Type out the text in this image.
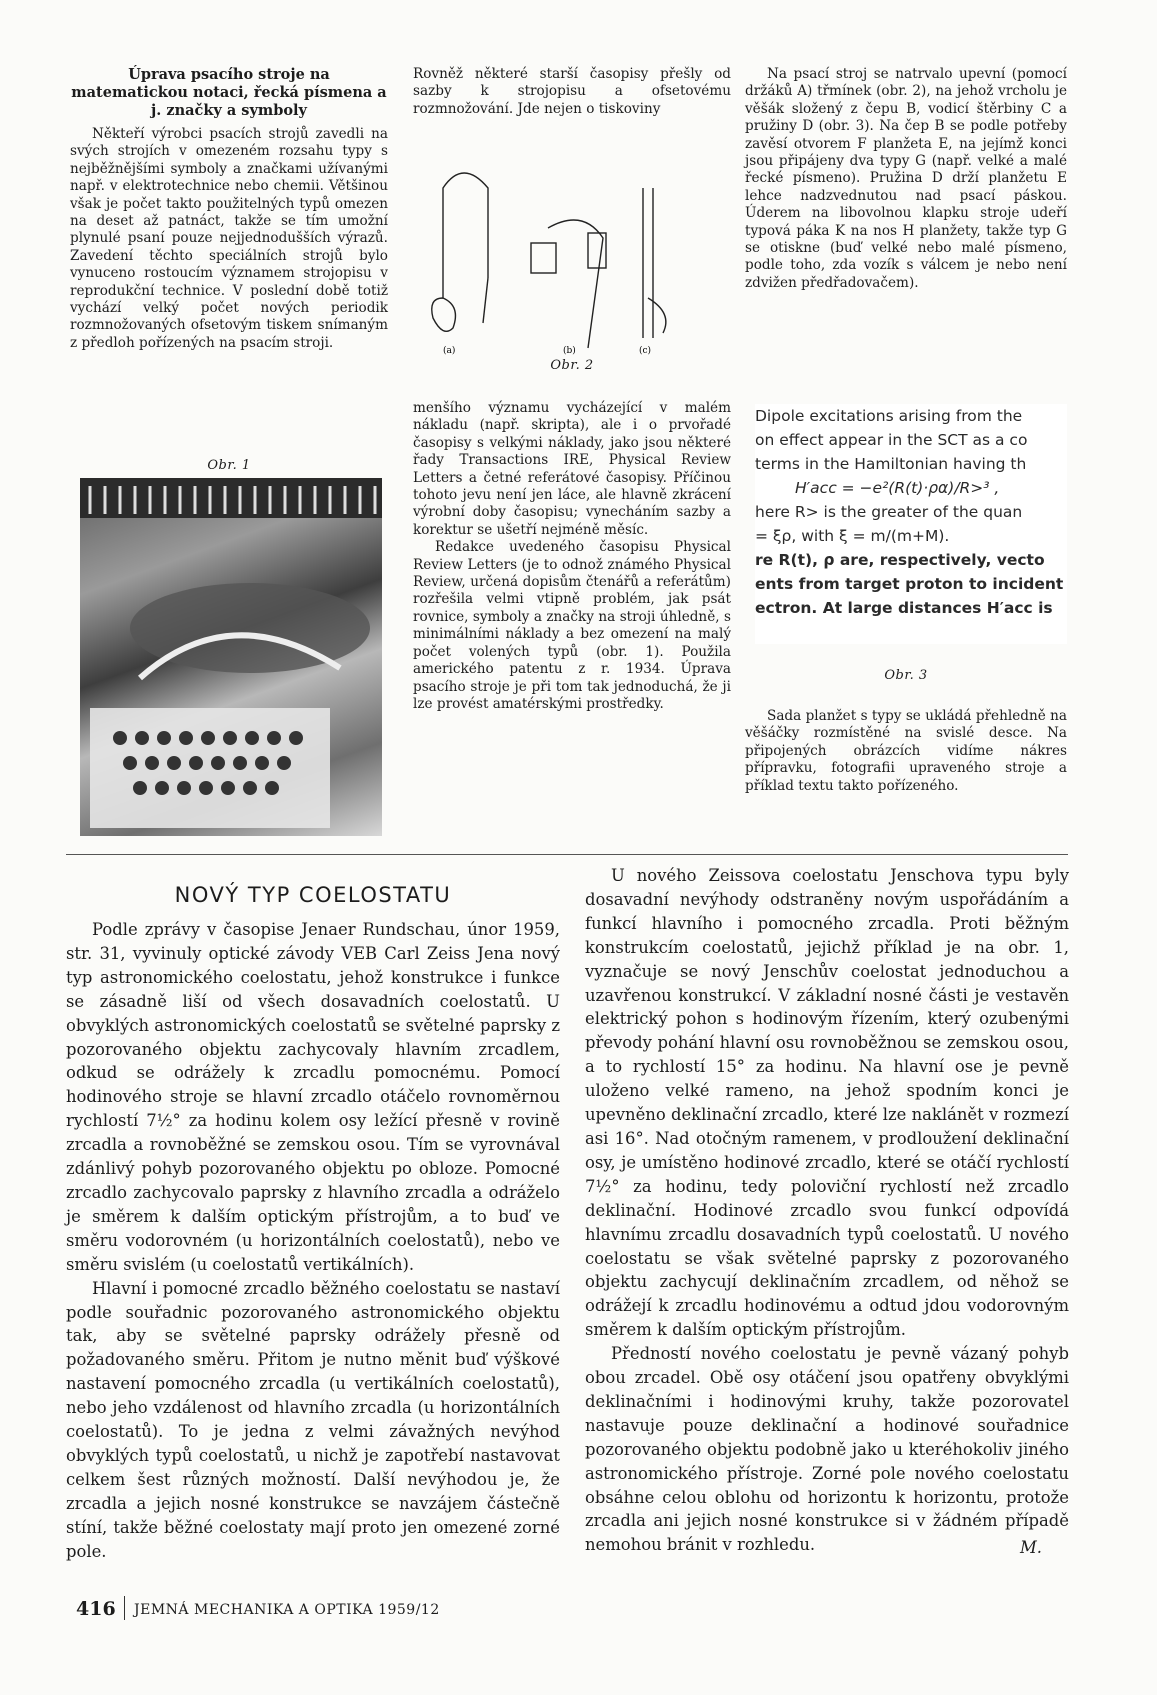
Úprava psacího stroje na matematickou notaci, řecká písmena a j. značky a symboly

Někteří výrobci psacích strojů zavedli na svých strojích v omezeném rozsahu typy s nejběžnějšími symboly a značkami užívanými např. v elektrotechnice nebo chemii. Většinou však je počet takto použitelných typů omezen na deset až patnáct, takže se tím umožní plynulé psaní pouze nejjednodušších výrazů. Zavedení těchto speciálních strojů bylo vynuceno rostoucím významem strojopisu v reprodukční technice. V poslední době totiž vychází velký počet nových periodik rozmnožovaných ofsetovým tiskem snímaným z předloh pořízených na psacím stroji.

Obr. 1

Rovněž některé starší časopisy přešly od sazby k strojopisu a ofsetovému rozmnožování. Jde nejen o tiskoviny

(a)	(b)	(c)
Obr. 2

menšího významu vycházející v malém nákladu (např. skripta), ale i o prvořadé časopisy s velkými náklady, jako jsou některé řady Transactions IRE, Physical Review Letters a četné referátové časopisy. Příčinou tohoto jevu není jen láce, ale hlavně zkrácení výrobní doby časopisu; vynecháním sazby a korektur se ušetří nejméně měsíc.

Redakce uvedeného časopisu Physical Review Letters (je to odnož známého Physical Review, určená dopisům čtenářů a referátům) rozřešila velmi vtipně problém, jak psát rovnice, symboly a značky na stroji úhledně, s minimálními náklady a bez omezení na malý počet volených typů (obr. 1). Použila amerického patentu z r. 1934. Úprava psacího stroje je při tom tak jednoduchá, že ji lze provést amatérskými prostředky.

Na psací stroj se natrvalo upevní (pomocí držáků A) třmínek (obr. 2), na jehož vrcholu je věšák složený z čepu B, vodicí štěrbiny C a pružiny D (obr. 3). Na čep B se podle potřeby zavěsí otvorem F planžeta E, na jejímž konci jsou připájeny dva typy G (např. velké a malé řecké písmeno). Pružina D drží planžetu E lehce nadzvednutou nad psací páskou. Úderem na libovolnou klapku stroje udeří typová páka K na nos H planžety, takže typ G se otiskne (buď velké nebo malé písmeno, podle toho, zda vozík s válcem je nebo není zdvižen předřadovačem).

Dipole excitations arising from the
on effect appear in the SCT as a co
terms in the Hamiltonian having th
H′acc = −e²(R(t)·ρα)/R>³ ,
here R> is the greater of the quan
= ξρ, with ξ = m/(m+M).
re R(t), ρ are, respectively, vecto
ents from target proton to incident
ectron. At large distances H′acc is
Obr. 3

Sada planžet s typy se ukládá přehledně na věšáčky rozmístěné na svislé desce. Na připojených obrázcích vidíme nákres přípravku, fotografii upraveného stroje a příklad textu takto pořízeného.

NOVÝ TYP COELOSTATU

Podle zprávy v časopise Jenaer Rundschau, únor 1959, str. 31, vyvinuly optické závody VEB Carl Zeiss Jena nový typ astronomického coelostatu, jehož konstrukce i funkce se zásadně liší od všech dosavadních coelostatů. U obvyklých astronomických coelostatů se světelné paprsky z pozorovaného objektu zachycovaly hlavním zrcadlem, odkud se odrážely k zrcadlu pomocnému. Pomocí hodinového stroje se hlavní zrcadlo otáčelo rovnoměrnou rychlostí 7½° za hodinu kolem osy ležící přesně v rovině zrcadla a rovnoběžné se zemskou osou. Tím se vyrovnával zdánlivý pohyb pozorovaného objektu po obloze. Pomocné zrcadlo zachycovalo paprsky z hlavního zrcadla a odráželo je směrem k dalším optickým přístrojům, a to buď ve směru vodorovném (u horizontálních coelostatů), nebo ve směru svislém (u coelostatů vertikálních).

Hlavní i pomocné zrcadlo běžného coelostatu se nastaví podle souřadnic pozorovaného astronomického objektu tak, aby se světelné paprsky odrážely přesně od požadovaného směru. Přitom je nutno měnit buď výškové nastavení pomocného zrcadla (u vertikálních coelostatů), nebo jeho vzdálenost od hlavního zrcadla (u horizontálních coelostatů). To je jedna z velmi závažných nevýhod obvyklých typů coelostatů, u nichž je zapotřebí nastavovat celkem šest různých možností. Další nevýhodou je, že zrcadla a jejich nosné konstrukce se navzájem částečně stíní, takže běžné coelostaty mají proto jen omezené zorné pole.

U nového Zeissova coelostatu Jenschova typu byly dosavadní nevýhody odstraněny novým uspořádáním a funkcí hlavního i pomocného zrcadla. Proti běžným konstrukcím coelostatů, jejichž příklad je na obr. 1, vyznačuje se nový Jenschův coelostat jednoduchou a uzavřenou konstrukcí. V základní nosné části je vestavěn elektrický pohon s hodinovým řízením, který ozubenými převody pohání hlavní osu rovnoběžnou se zemskou osou, a to rychlostí 15° za hodinu. Na hlavní ose je pevně uloženo velké rameno, na jehož spodním konci je upevněno deklinační zrcadlo, které lze naklánět v rozmezí asi 16°. Nad otočným ramenem, v prodloužení deklinační osy, je umístěno hodinové zrcadlo, které se otáčí rychlostí 7½° za hodinu, tedy poloviční rychlostí než zrcadlo deklinační. Hodinové zrcadlo svou funkcí odpovídá hlavnímu zrcadlu dosavadních typů coelostatů. U nového coelostatu se však světelné paprsky z pozorovaného objektu zachycují deklinačním zrcadlem, od něhož se odrážejí k zrcadlu hodinovému a odtud jdou vodorovným směrem k dalším optickým přístrojům.

Předností nového coelostatu je pevně vázaný pohyb obou zrcadel. Obě osy otáčení jsou opatřeny obvyklými deklinačními i hodinovými kruhy, takže pozorovatel nastavuje pouze deklinační a hodinové souřadnice pozorovaného objektu podobně jako u kteréhokoliv jiného astronomického přístroje. Zorné pole nového coelostatu obsáhne celou oblohu od horizontu k horizontu, protože zrcadla ani jejich nosné konstrukce si v žádném případě nemohou bránit v rozhledu.	M.
416 JEMNÁ MECHANIKA A OPTIKA 1959/12
